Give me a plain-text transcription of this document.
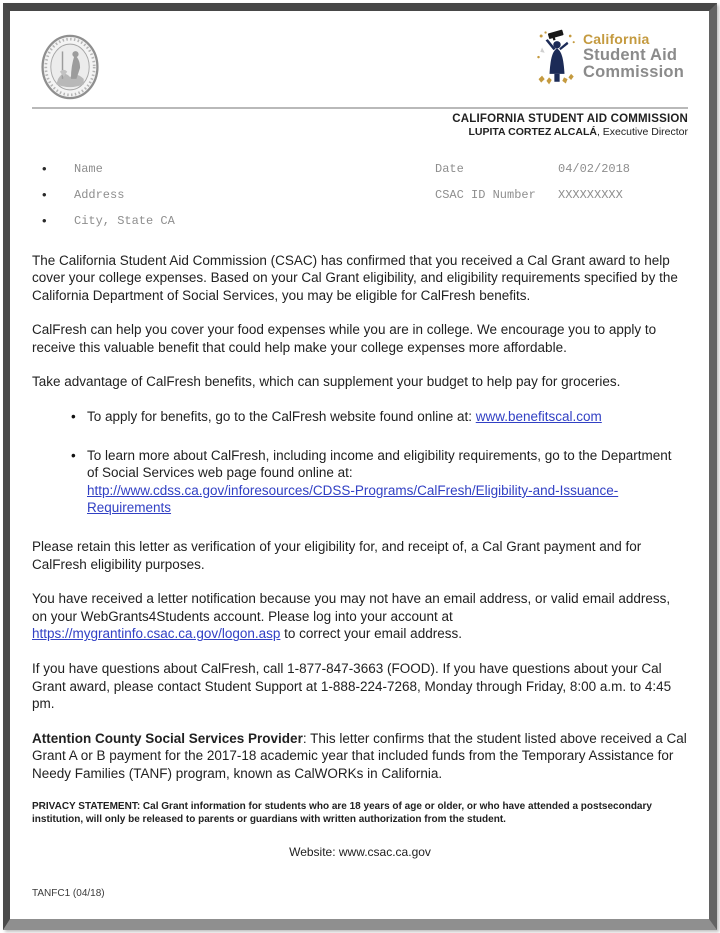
California
Student Aid
Commission
CALIFORNIA STUDENT AID COMMISSION
LUPITA CORTEZ ALCALÁ, Executive Director
• Name
• Address
• City, State CA
Date	04/02/2018
CSAC ID Number	XXXXXXXXX

The California Student Aid Commission (CSAC) has confirmed that you received a Cal Grant award to help cover your college expenses. Based on your Cal Grant eligibility, and eligibility requirements specified by the California Department of Social Services, you may be eligible for CalFresh benefits.

CalFresh can help you cover your food expenses while you are in college. We encourage you to apply to receive this valuable benefit that could help make your college expenses more affordable.

Take advantage of CalFresh benefits, which can supplement your budget to help pay for groceries.

• To apply for benefits, go to the CalFresh website found online at: www.benefitscal.com
• To learn more about CalFresh, including income and eligibility requirements, go to the Department of Social Services web page found online at:
http://www.cdss.ca.gov/inforesources/CDSS-Programs/CalFresh/Eligibility-and-Issuance-Requirements

Please retain this letter as verification of your eligibility for, and receipt of, a Cal Grant payment and for CalFresh eligibility purposes.

You have received a letter notification because you may not have an email address, or valid email address, on your WebGrants4Students account. Please log into your account at https://mygrantinfo.csac.ca.gov/logon.asp to correct your email address.

If you have questions about CalFresh, call 1-877-847-3663 (FOOD). If you have questions about your Cal Grant award, please contact Student Support at 1-888-224-7268, Monday through Friday, 8:00 a.m. to 4:45 pm.

Attention County Social Services Provider: This letter confirms that the student listed above received a Cal Grant A or B payment for the 2017-18 academic year that included funds from the Temporary Assistance for Needy Families (TANF) program, known as CalWORKs in California.

PRIVACY STATEMENT: Cal Grant information for students who are 18 years of age or older, or who have attended a postsecondary institution, will only be released to parents or guardians with written authorization from the student.

Website: www.csac.ca.gov
TANFC1 (04/18)
